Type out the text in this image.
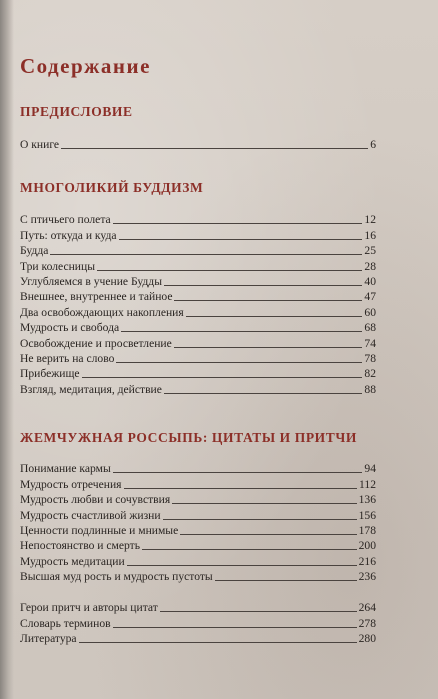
Содержание
ПРЕДИСЛОВИЕ
О книге	6
МНОГОЛИКИЙ БУДДИЗМ
С птичьего полета	12
Путь: откуда и куда	16
Будда	25
Три колесницы	28
Углубляемся в учение Будды	40
Внешнее, внутреннее и тайное	47
Два освобождающих накопления	60
Мудрость и свобода	68
Освобождение и просветление	74
Не верить на слово	78
Прибежище	82
Взгляд, медитация, действие	88
ЖЕМЧУЖНАЯ РОССЫПЬ: ЦИТАТЫ И ПРИТЧИ
Понимание кармы	94
Мудрость отречения	112
Мудрость любви и сочувствия	136
Мудрость счастливой жизни	156
Ценности подлинные и мнимые	178
Непостоянство и смерть	200
Мудрость медитации	216
Высшая муд рость и мудрость пустоты	236
Герои притч и авторы цитат	264
Словарь терминов	278
Литература	280
